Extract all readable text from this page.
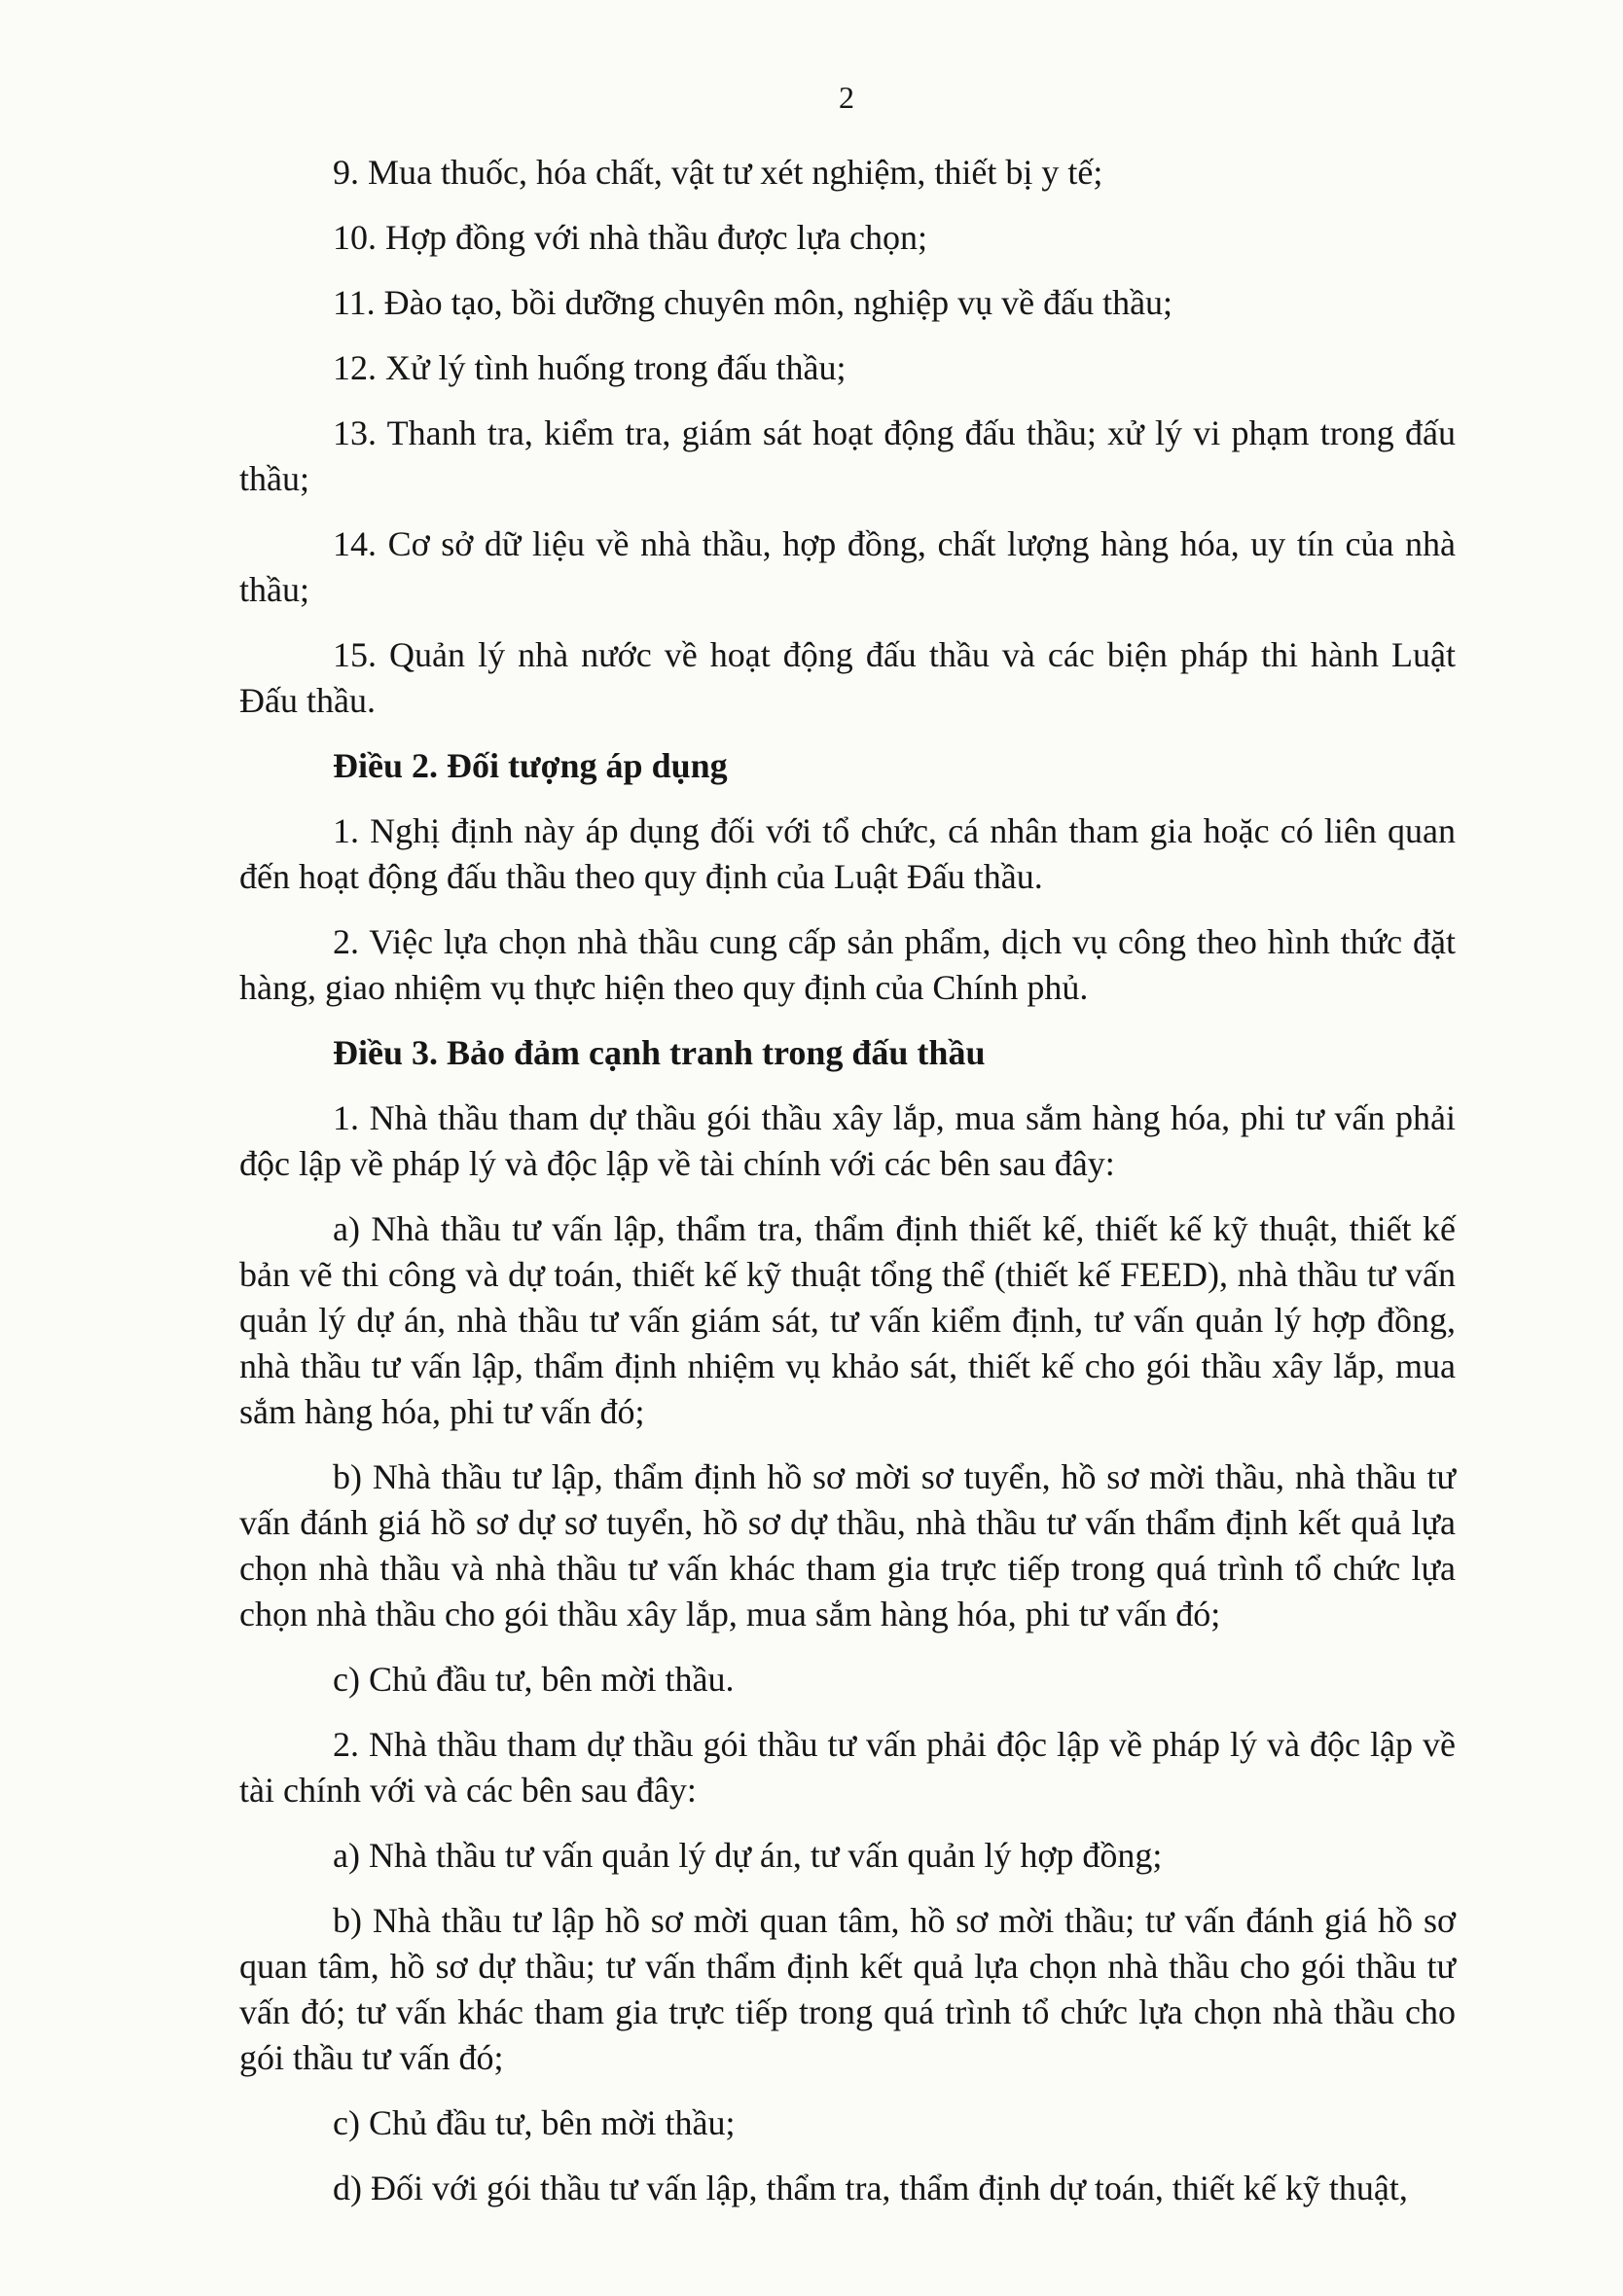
2

9. Mua thuốc, hóa chất, vật tư xét nghiệm, thiết bị y tế;

10. Hợp đồng với nhà thầu được lựa chọn;

11. Đào tạo, bồi dưỡng chuyên môn, nghiệp vụ về đấu thầu;

12. Xử lý tình huống trong đấu thầu;

13. Thanh tra, kiểm tra, giám sát hoạt động đấu thầu; xử lý vi phạm trong đấu thầu;

14. Cơ sở dữ liệu về nhà thầu, hợp đồng, chất lượng hàng hóa, uy tín của nhà thầu;

15. Quản lý nhà nước về hoạt động đấu thầu và các biện pháp thi hành Luật Đấu thầu.

Điều 2. Đối tượng áp dụng

1. Nghị định này áp dụng đối với tổ chức, cá nhân tham gia hoặc có liên quan đến hoạt động đấu thầu theo quy định của Luật Đấu thầu.

2. Việc lựa chọn nhà thầu cung cấp sản phẩm, dịch vụ công theo hình thức đặt hàng, giao nhiệm vụ thực hiện theo quy định của Chính phủ.

Điều 3. Bảo đảm cạnh tranh trong đấu thầu

1. Nhà thầu tham dự thầu gói thầu xây lắp, mua sắm hàng hóa, phi tư vấn phải độc lập về pháp lý và độc lập về tài chính với các bên sau đây:

a) Nhà thầu tư vấn lập, thẩm tra, thẩm định thiết kế, thiết kế kỹ thuật, thiết kế bản vẽ thi công và dự toán, thiết kế kỹ thuật tổng thể (thiết kế FEED), nhà thầu tư vấn quản lý dự án, nhà thầu tư vấn giám sát, tư vấn kiểm định, tư vấn quản lý hợp đồng, nhà thầu tư vấn lập, thẩm định nhiệm vụ khảo sát, thiết kế cho gói thầu xây lắp, mua sắm hàng hóa, phi tư vấn đó;

b) Nhà thầu tư lập, thẩm định hồ sơ mời sơ tuyển, hồ sơ mời thầu, nhà thầu tư vấn đánh giá hồ sơ dự sơ tuyển, hồ sơ dự thầu, nhà thầu tư vấn thẩm định kết quả lựa chọn nhà thầu và nhà thầu tư vấn khác tham gia trực tiếp trong quá trình tổ chức lựa chọn nhà thầu cho gói thầu xây lắp, mua sắm hàng hóa, phi tư vấn đó;

c) Chủ đầu tư, bên mời thầu.

2. Nhà thầu tham dự thầu gói thầu tư vấn phải độc lập về pháp lý và độc lập về tài chính với và các bên sau đây:

a) Nhà thầu tư vấn quản lý dự án, tư vấn quản lý hợp đồng;

b) Nhà thầu tư lập hồ sơ mời quan tâm, hồ sơ mời thầu; tư vấn đánh giá hồ sơ quan tâm, hồ sơ dự thầu; tư vấn thẩm định kết quả lựa chọn nhà thầu cho gói thầu tư vấn đó; tư vấn khác tham gia trực tiếp trong quá trình tổ chức lựa chọn nhà thầu cho gói thầu tư vấn đó;

c) Chủ đầu tư, bên mời thầu;

d) Đối với gói thầu tư vấn lập, thẩm tra, thẩm định dự toán, thiết kế kỹ thuật,
